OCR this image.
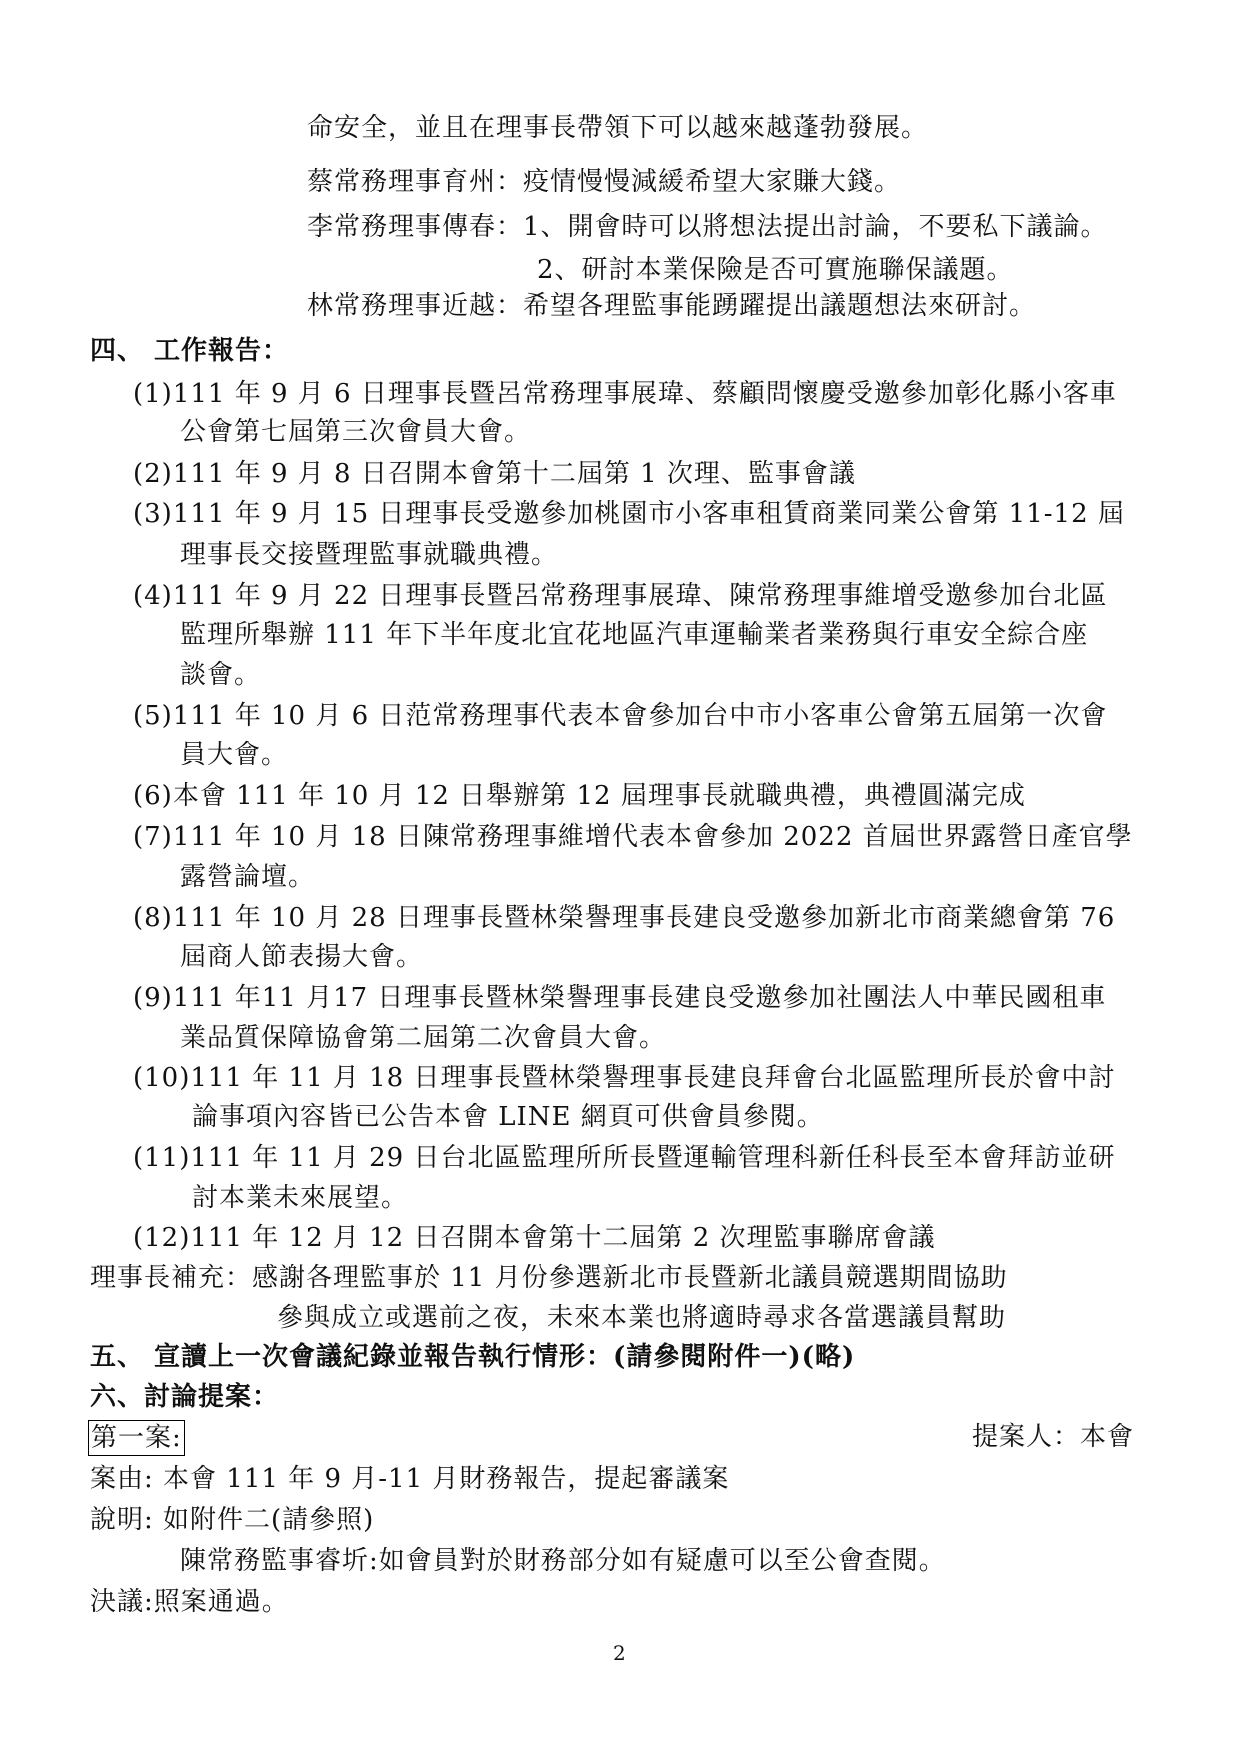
命安全，並且在理事長帶領下可以越來越蓬勃發展。
蔡常務理事育州：疫情慢慢減緩希望大家賺大錢。
李常務理事傳春：1、開會時可以將想法提出討論，不要私下議論。
2、研討本業保險是否可實施聯保議題。
林常務理事近越：希望各理監事能踴躍提出議題想法來研討。
四、 工作報告：
(1)111 年 9 月 6 日理事長暨呂常務理事展瑋、蔡顧問懷慶受邀參加彰化縣小客車
公會第七屆第三次會員大會。
(2)111 年 9 月 8 日召開本會第十二屆第 1 次理、監事會議
(3)111 年 9 月 15 日理事長受邀參加桃園市小客車租賃商業同業公會第 11-12 屆
理事長交接暨理監事就職典禮。
(4)111 年 9 月 22 日理事長暨呂常務理事展瑋、陳常務理事維增受邀參加台北區
監理所舉辦 111 年下半年度北宜花地區汽車運輸業者業務與行車安全綜合座
談會。
(5)111 年 10 月 6 日范常務理事代表本會參加台中市小客車公會第五屆第一次會
員大會。
(6)本會 111 年 10 月 12 日舉辦第 12 屆理事長就職典禮，典禮圓滿完成
(7)111 年 10 月 18 日陳常務理事維增代表本會參加 2022 首屆世界露營日產官學
露營論壇。
(8)111 年 10 月 28 日理事長暨林榮譽理事長建良受邀參加新北市商業總會第 76
屆商人節表揚大會。
(9)111 年11 月17 日理事長暨林榮譽理事長建良受邀參加社團法人中華民國租車
業品質保障協會第二屆第二次會員大會。
(10)111 年 11 月 18 日理事長暨林榮譽理事長建良拜會台北區監理所長於會中討
論事項內容皆已公告本會 LINE 網頁可供會員參閱。
(11)111 年 11 月 29 日台北區監理所所長暨運輸管理科新任科長至本會拜訪並研
討本業未來展望。
(12)111 年 12 月 12 日召開本會第十二屆第 2 次理監事聯席會議
理事長補充：感謝各理監事於 11 月份參選新北市長暨新北議員競選期間協助
參與成立或選前之夜，未來本業也將適時尋求各當選議員幫助
五、 宣讀上一次會議紀錄並報告執行情形：(請參閱附件一)(略)
六、討論提案：
第一案:	提案人：本會
案由: 本會 111 年 9 月-11 月財務報告，提起審議案
說明: 如附件二(請參照)
陳常務監事睿圻:如會員對於財務部分如有疑慮可以至公會查閱。
決議:照案通過。
2
